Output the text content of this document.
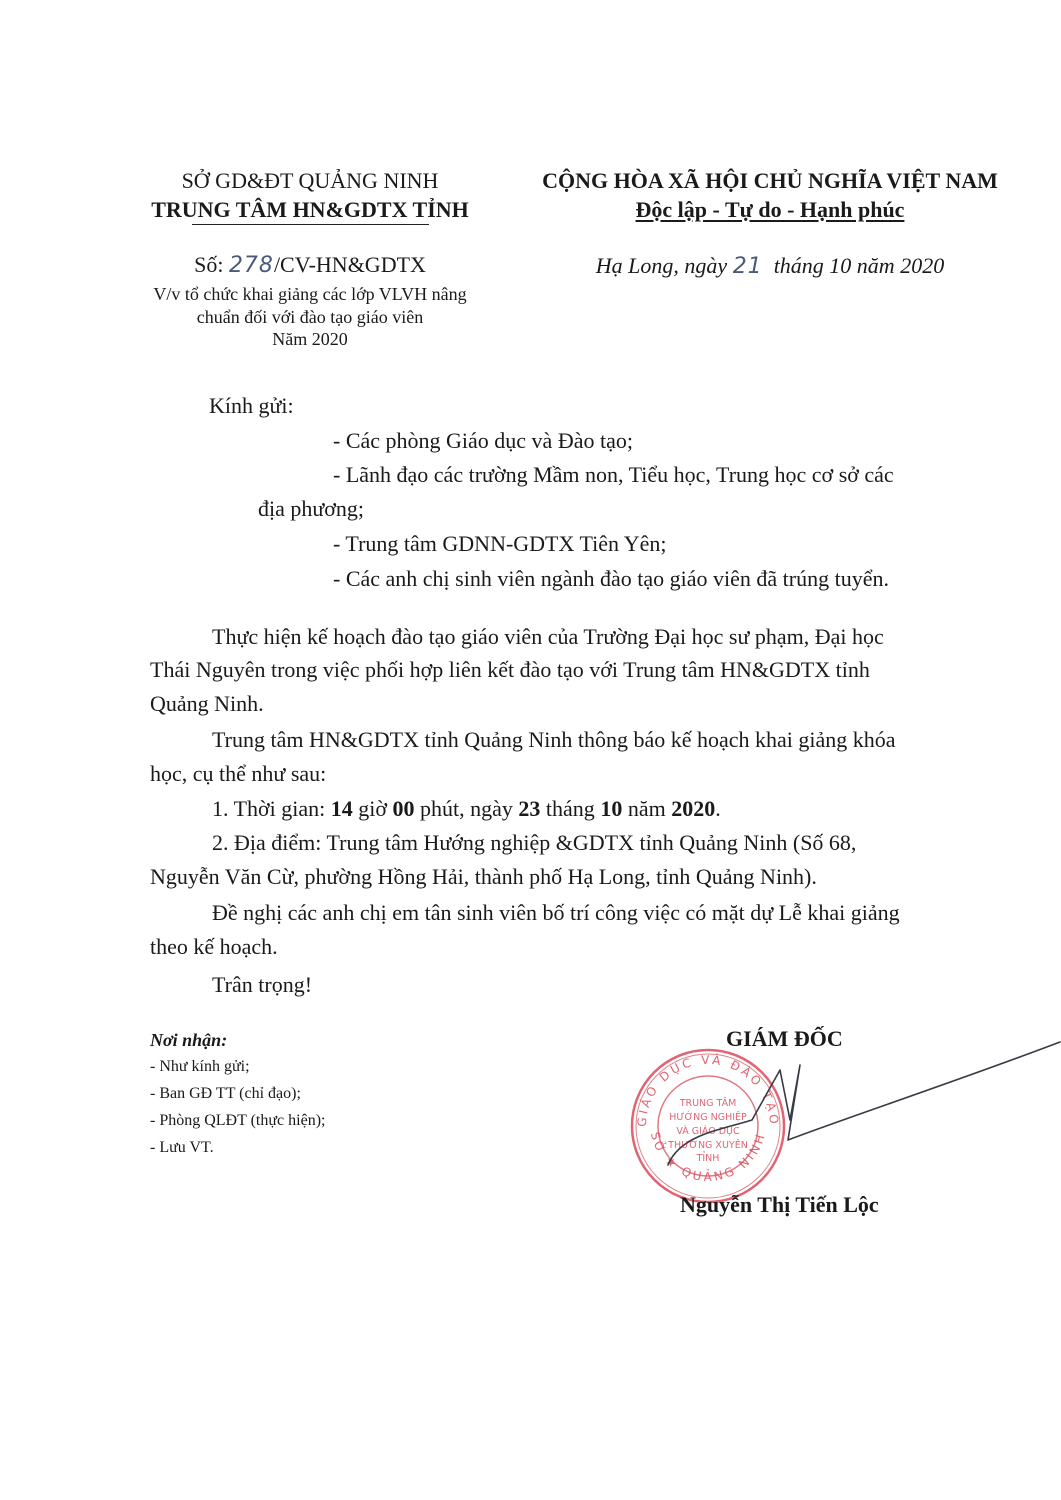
SỞ GD&ĐT QUẢNG NINH
TRUNG TÂM HN&GDTX TỈNH
Số: 278/CV-HN&GDTX
V/v tổ chức khai giảng các lớp VLVH nâng
chuẩn đối với đào tạo giáo viên
Năm 2020
CỘNG HÒA XÃ HỘI CHỦ NGHĨA VIỆT NAM
Độc lập - Tự do - Hạnh phúc
Hạ Long, ngày 21 tháng 10 năm 2020
Kính gửi:
- Các phòng Giáo dục và Đào tạo;
- Lãnh đạo các trường Mầm non, Tiểu học, Trung học cơ sở các
địa phương;
- Trung tâm GDNN-GDTX Tiên Yên;
- Các anh chị sinh viên ngành đào tạo giáo viên đã trúng tuyển.
Thực hiện kế hoạch đào tạo giáo viên của Trường Đại học sư phạm, Đại học
Thái Nguyên trong việc phối hợp liên kết đào tạo với Trung tâm HN&GDTX tỉnh
Quảng Ninh.
Trung tâm HN&GDTX tỉnh Quảng Ninh thông báo kế hoạch khai giảng khóa
học, cụ thể như sau:
1. Thời gian: 14 giờ 00 phút, ngày 23 tháng 10 năm 2020.
2. Địa điểm: Trung tâm Hướng nghiệp &GDTX tỉnh Quảng Ninh (Số 68,
Nguyễn Văn Cừ, phường Hồng Hải, thành phố Hạ Long, tỉnh Quảng Ninh).
Đề nghị các anh chị em tân sinh viên bố trí công việc có mặt dự Lễ khai giảng
theo kế hoạch.
Trân trọng!
Nơi nhận:
- Như kính gửi;
- Ban GĐ TT (chỉ đạo);
- Phòng QLĐT (thực hiện);
- Lưu VT.
GIÁM ĐỐC
GIÁO DỤC VÀ ĐÀO TẠO
SỞ ★ QUẢNG NINH
TRUNG TÂM
HƯỚNG NGHIỆP
VÀ GIÁO DỤC
THƯỜNG XUYÊN
TỈNH
Nguyễn Thị Tiến Lộc
